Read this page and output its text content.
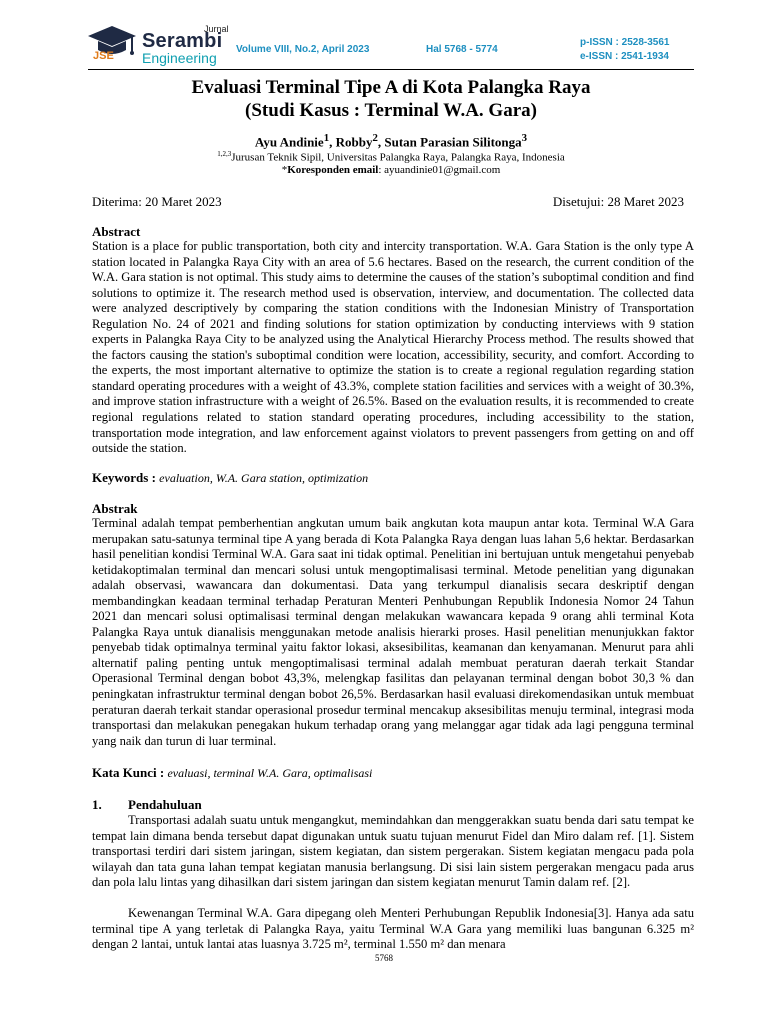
Jurnal
Serambi
Engineering
JSE
Volume VIII, No.2, April 2023	Hal 5768 - 5774
p-ISSN : 2528-3561
e-ISSN : 2541-1934
Evaluasi Terminal Tipe A di Kota Palangka Raya
(Studi Kasus : Terminal W.A. Gara)
Ayu Andinie$^1$, Robby$^2$, Sutan Parasian Silitonga$^3$
$^{1,2,3}$Jurusan Teknik Sipil, Universitas Palangka Raya, Palangka Raya, Indonesia
*Koresponden email: ayuandinie01@gmail.com
Diterima: 20 Maret 2023	Disetujui: 28 Maret 2023
Abstract
Station is a place for public transportation, both city and intercity transportation. W.A. Gara Station is the only type A station located in Palangka Raya City with an area of 5.6 hectares. Based on the research, the current condition of the W.A. Gara station is not optimal. This study aims to determine the causes of the station’s suboptimal condition and find solutions to optimize it. The research method used is observation, interview, and documentation. The collected data were analyzed descriptively by comparing the station conditions with the Indonesian Ministry of Transportation Regulation No. 24 of 2021 and finding solutions for station optimization by conducting interviews with 9 station experts in Palangka Raya City to be analyzed using the Analytical Hierarchy Process method. The results showed that the factors causing the station's suboptimal condition were location, accessibility, security, and comfort. According to the experts, the most important alternative to optimize the station is to create a regional regulation regarding station standard operating procedures with a weight of 43.3%, complete station facilities and services with a weight of 30.3%, and improve station infrastructure with a weight of 26.5%. Based on the evaluation results, it is recommended to create regional regulations related to station standard operating procedures, including accessibility to the station, transportation mode integration, and law enforcement against violators to prevent passengers from getting on and off outside the station.
Keywords : evaluation, W.A. Gara station, optimization
Abstrak
Terminal adalah tempat pemberhentian angkutan umum baik angkutan kota maupun antar kota. Terminal W.A Gara merupakan satu-satunya terminal tipe A yang berada di Kota Palangka Raya dengan luas lahan 5,6 hektar. Berdasarkan hasil penelitian kondisi Terminal W.A. Gara saat ini tidak optimal. Penelitian ini bertujuan untuk mengetahui penyebab ketidakoptimalan terminal dan mencari solusi untuk mengoptimalisasi terminal. Metode penelitian yang digunakan adalah observasi, wawancara dan dokumentasi. Data yang terkumpul dianalisis secara deskriptif dengan membandingkan keadaan terminal terhadap Peraturan Menteri Penhubungan Republik Indonesia Nomor 24 Tahun 2021 dan mencari solusi optimalisasi terminal dengan melakukan wawancara kepada 9 orang ahli terminal Kota Palangka Raya untuk dianalisis menggunakan metode analisis hierarki proses. Hasil penelitian menunjukkan faktor penyebab tidak optimalnya terminal yaitu faktor lokasi, aksesibilitas, keamanan dan kenyamanan. Menurut para ahli alternatif paling penting untuk mengoptimalisasi terminal adalah membuat peraturan daerah terkait Standar Operasional Terminal dengan bobot 43,3%, melengkap fasilitas dan pelayanan terminal dengan bobot 30,3 % dan peningkatan infrastruktur terminal dengan bobot 26,5%. Berdasarkan hasil evaluasi direkomendasikan untuk membuat peraturan daerah terkait standar operasional prosedur terminal mencakup aksesibilitas menuju terminal, integrasi moda transportasi dan melakukan penegakan hukum terhadap orang yang melanggar agar tidak ada lagi pengguna terminal yang naik dan turun di luar terminal.
Kata Kunci : evaluasi, terminal W.A. Gara, optimalisasi
1. Pendahuluan
Transportasi adalah suatu untuk mengangkut, memindahkan dan menggerakkan suatu benda dari satu tempat ke tempat lain dimana benda tersebut dapat digunakan untuk suatu tujuan menurut Fidel dan Miro dalam ref. [1]. Sistem transportasi terdiri dari sistem jaringan, sistem kegiatan, dan sistem pergerakan. Sistem kegiatan mengacu pada pola wilayah dan tata guna lahan tempat kegiatan manusia berlangsung. Di sisi lain sistem pergerakan mengacu pada arus dan pola lalu lintas yang dihasilkan dari sistem jaringan dan sistem kegiatan menurut Tamin dalam ref. [2].
Kewenangan Terminal W.A. Gara dipegang oleh Menteri Perhubungan Republik Indonesia[3]. Hanya ada satu terminal tipe A yang terletak di Palangka Raya, yaitu Terminal W.A Gara yang memiliki luas bangunan 6.325 m² dengan 2 lantai, untuk lantai atas luasnya 3.725 m², terminal 1.550 m² dan menara
5768
